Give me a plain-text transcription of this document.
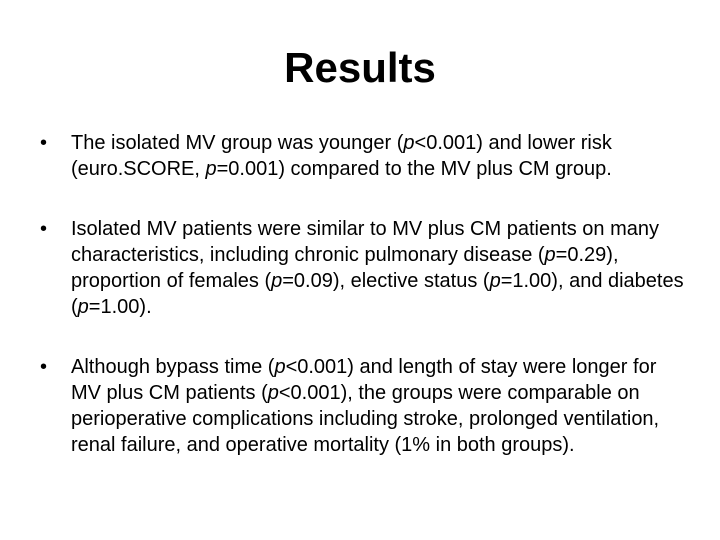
Results
•	The isolated MV group was younger (p<0.001) and lower risk (euro.SCORE, p=0.001) compared to the MV plus CM group.
•	Isolated MV patients were similar to MV plus CM patients on many characteristics, including chronic pulmonary disease (p=0.29), proportion of females (p=0.09), elective status (p=1.00), and diabetes (p=1.00).
•	Although bypass time (p<0.001) and length of stay were longer for MV plus CM patients (p<0.001), the groups were comparable on perioperative complications including stroke, prolonged ventilation, renal failure, and operative mortality (1% in both groups).
